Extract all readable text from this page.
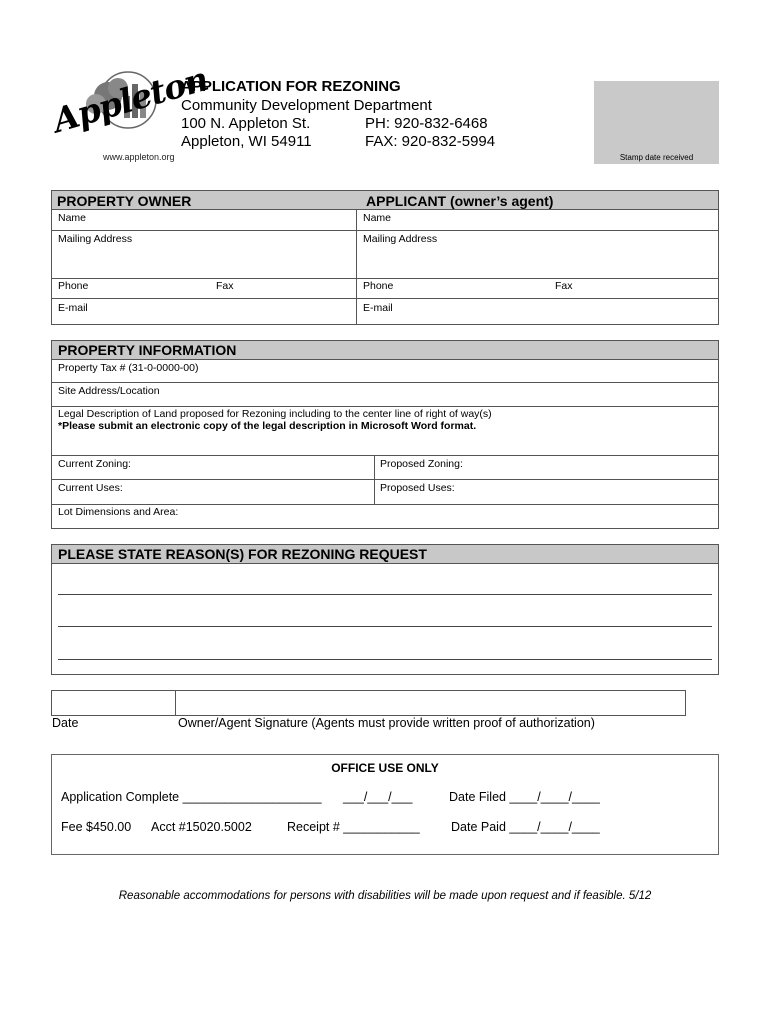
Appleton
www.appleton.org
APPLICATION FOR REZONING
Community Development Department
100 N. Appleton St.
Appleton, WI 54911
PH: 920-832-6468
FAX: 920-832-5994
Stamp date received
PROPERTY OWNER	APPLICANT (owner’s agent)
Name	Name
Mailing Address	Mailing Address
Phone	Fax	Phone	Fax
E-mail	E-mail
PROPERTY INFORMATION
Property Tax # (31-0-0000-00)
Site Address/Location
Legal Description of Land proposed for Rezoning including to the center line of right of way(s)
*Please submit an electronic copy of the legal description in Microsoft Word format.
Current Zoning:	Proposed Zoning:
Current Uses:	Proposed Uses:
Lot Dimensions and Area:
PLEASE STATE REASON(S) FOR REZONING REQUEST
Date	Owner/Agent Signature (Agents must provide written proof of authorization)
OFFICE USE ONLY
Application Complete ____________________ ___/___/___	Date Filed ____/____/____
Fee $450.00 Acct #15020.5002	Receipt # ___________ Date Paid ____/____/____
Reasonable accommodations for persons with disabilities will be made upon request and if feasible. 5/12
